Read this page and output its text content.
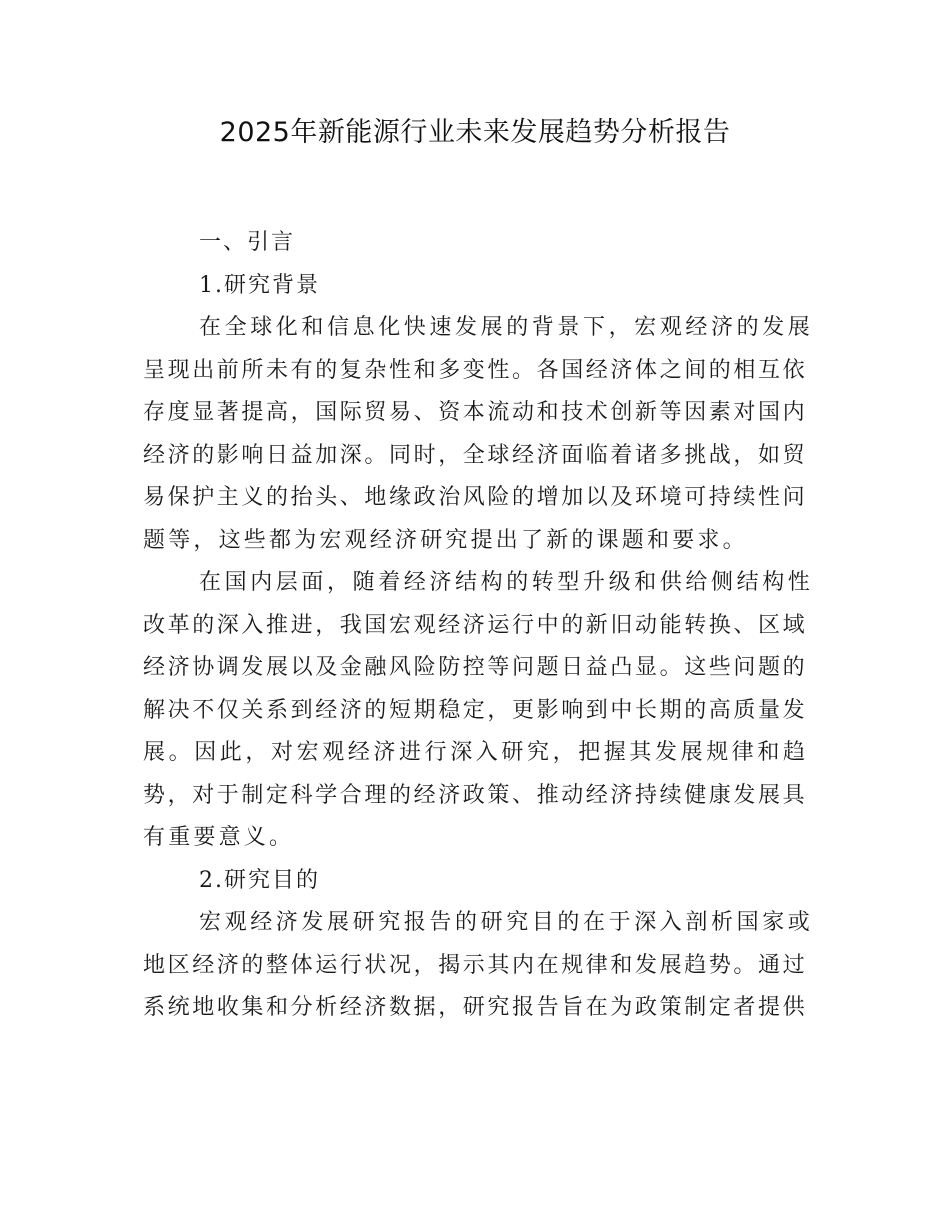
2025年新能源行业未来发展趋势分析报告
一、引言
1.研究背景
在全球化和信息化快速发展的背景下，宏观经济的发展
呈现出前所未有的复杂性和多变性。各国经济体之间的相互依
存度显著提高，国际贸易、资本流动和技术创新等因素对国内
经济的影响日益加深。同时，全球经济面临着诸多挑战，如贸
易保护主义的抬头、地缘政治风险的增加以及环境可持续性问
题等，这些都为宏观经济研究提出了新的课题和要求。
在国内层面，随着经济结构的转型升级和供给侧结构性
改革的深入推进，我国宏观经济运行中的新旧动能转换、区域
经济协调发展以及金融风险防控等问题日益凸显。这些问题的
解决不仅关系到经济的短期稳定，更影响到中长期的高质量发
展。因此，对宏观经济进行深入研究，把握其发展规律和趋
势，对于制定科学合理的经济政策、推动经济持续健康发展具
有重要意义。
2.研究目的
宏观经济发展研究报告的研究目的在于深入剖析国家或
地区经济的整体运行状况，揭示其内在规律和发展趋势。通过
系统地收集和分析经济数据，研究报告旨在为政策制定者提供
